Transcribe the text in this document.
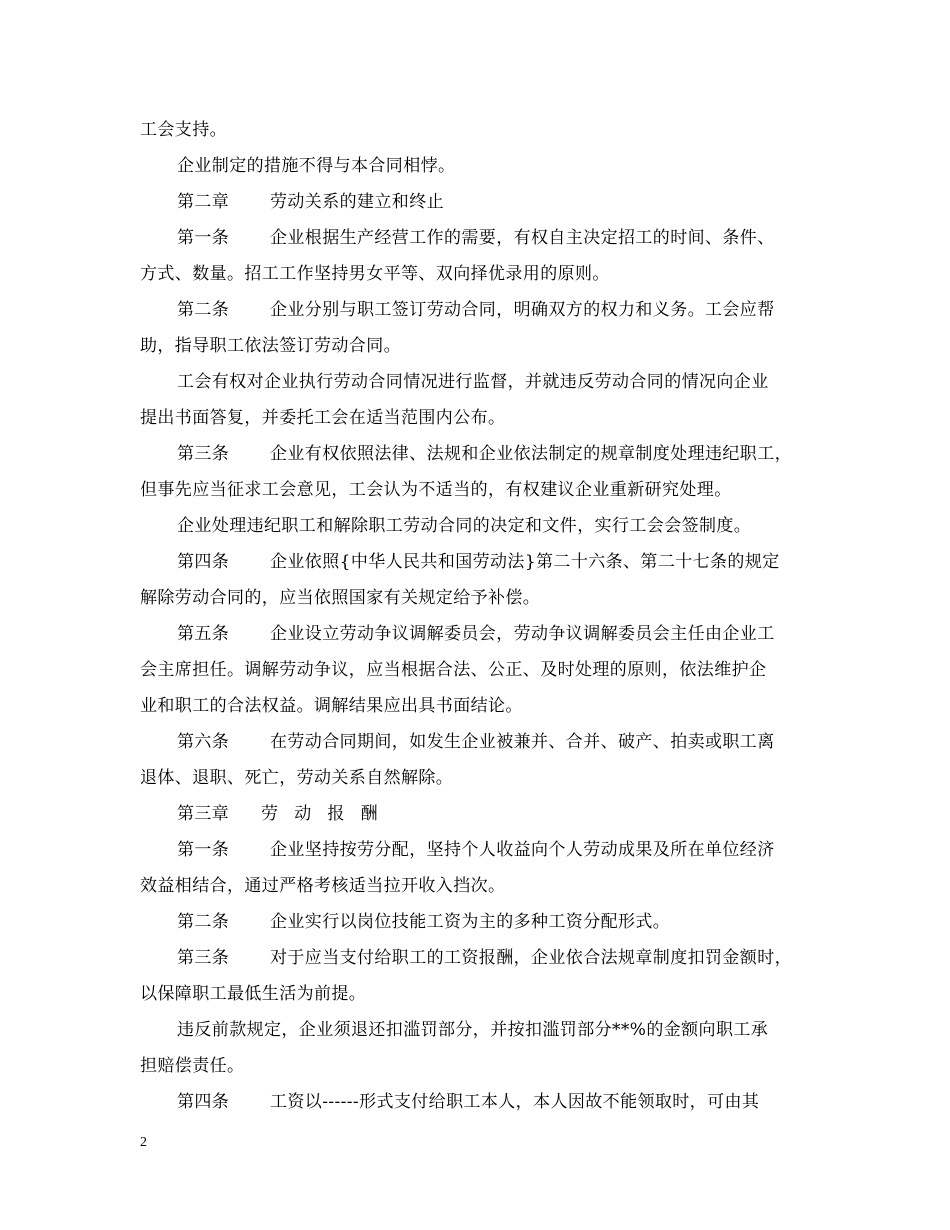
工会支持。
企业制定的措施不得与本合同相悖。
第二章 劳动关系的建立和终止
第一条 企业根据生产经营工作的需要，有权自主决定招工的时间、条件、
方式、数量。招工工作坚持男女平等、双向择优录用的原则。
第二条 企业分别与职工签订劳动合同，明确双方的权力和义务。工会应帮
助，指导职工依法签订劳动合同。
工会有权对企业执行劳动合同情况进行监督，并就违反劳动合同的情况向企业
提出书面答复，并委托工会在适当范围内公布。
第三条 企业有权依照法律、法规和企业依法制定的规章制度处理违纪职工，
但事先应当征求工会意见，工会认为不适当的，有权建议企业重新研究处理。
企业处理违纪职工和解除职工劳动合同的决定和文件，实行工会会签制度。
第四条 企业依照{中华人民共和国劳动法}第二十六条、第二十七条的规定
解除劳动合同的，应当依照国家有关规定给予补偿。
第五条 企业设立劳动争议调解委员会，劳动争议调解委员会主任由企业工
会主席担任。调解劳动争议，应当根据合法、公正、及时处理的原则，依法维护企
业和职工的合法权益。调解结果应出具书面结论。
第六条 在劳动合同期间，如发生企业被兼并、合并、破产、拍卖或职工离
退体、退职、死亡，劳动关系自然解除。
第三章 劳 动 报 酬
第一条 企业坚持按劳分配，坚持个人收益向个人劳动成果及所在单位经济
效益相结合，通过严格考核适当拉开收入挡次。
第二条 企业实行以岗位技能工资为主的多种工资分配形式。
第三条 对于应当支付给职工的工资报酬，企业依合法规章制度扣罚金额时，
以保障职工最低生活为前提。
违反前款规定，企业须退还扣滥罚部分，并按扣滥罚部分**%的金额向职工承
担赔偿责任。
第四条 工资以------形式支付给职工本人，本人因故不能领取时，可由其
2
